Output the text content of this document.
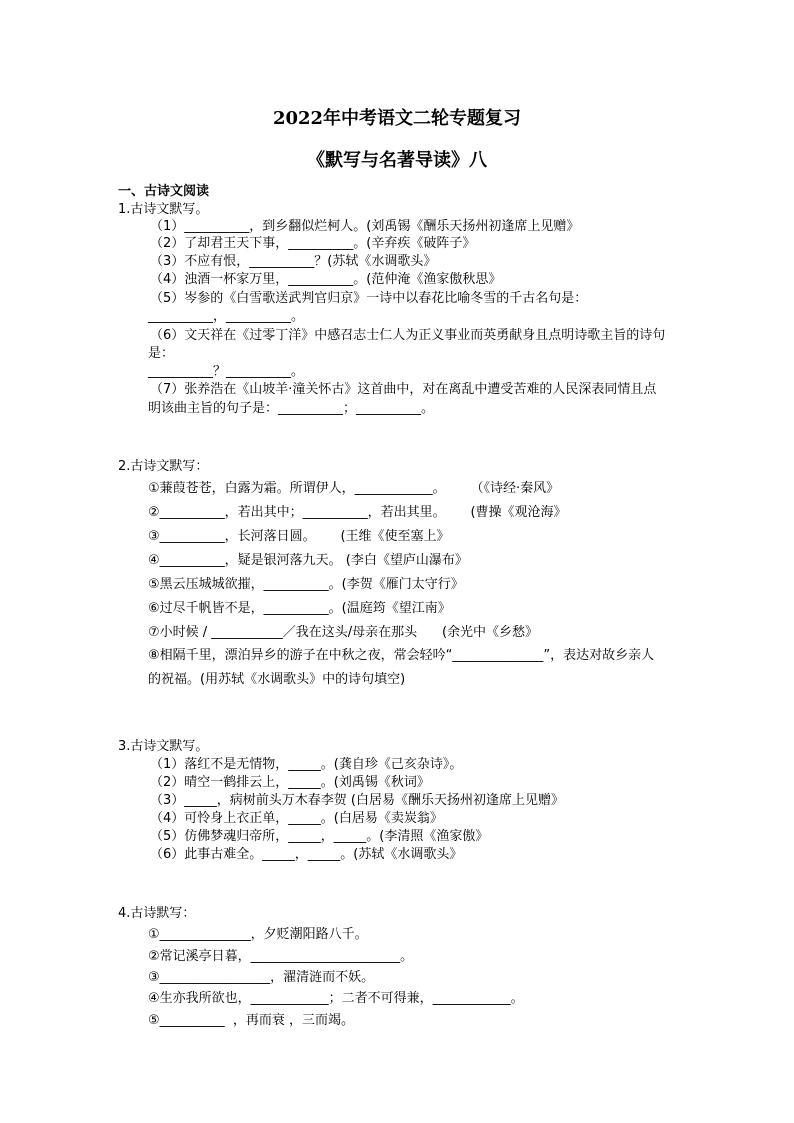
2022年中考语文二轮专题复习
《默写与名著导读》八
一、古诗文阅读
1.古诗文默写。
（1）__________，到乡翻似烂柯人。(刘禹锡《酬乐天扬州初逢席上见赠》
（2）了却君王天下事，__________。(辛弃疾《破阵子》
（3）不应有恨，__________？(苏轼《水调歌头》
（4）浊酒一杯家万里，__________。(范仲淹《渔家傲秋思》
（5）岑参的《白雪歌送武判官归京》一诗中以春花比喻冬雪的千古名句是：
__________，__________。
（6）文天祥在《过零丁洋》中感召志士仁人为正义事业而英勇献身且点明诗歌主旨的诗句
是：
__________？__________。
（7）张养浩在《山坡羊·潼关怀古》这首曲中，对在离乱中遭受苦难的人民深表同情且点
明该曲主旨的句子是：__________；__________。
2.古诗文默写：
①蒹葭苍苍，白露为霜。所谓伊人，____________。      （《诗经·秦风》
②__________，若出其中；__________，若出其里。      (曹操《观沧海》
③__________，长河落日圆。      (王维《使至塞上》
④__________，疑是银河落九天。 (李白《望庐山瀑布》
⑤黑云压城城欲摧，__________。(李贺《雁门太守行》
⑥过尽千帆皆不是，__________。(温庭筠《望江南》
⑦小时候 / ___________／我在这头/母亲在那头      (余光中《乡愁》
⑧相隔千里，漂泊异乡的游子在中秋之夜，常会轻吟“______________”，表达对故乡亲人
的祝福。(用苏轼《水调歌头》中的诗句填空)
3.古诗文默写。
（1）落红不是无情物，_____。(龚自珍《己亥杂诗》。
（2）晴空一鹤排云上，_____。(刘禹锡《秋词》
（3）_____，病树前头万木春李贺 (白居易《酬乐天扬州初逢席上见赠》
（4）可怜身上衣正单，_____。(白居易《卖炭翁》
（5）仿佛梦魂归帝所，_____，_____。(李清照《渔家傲》
（6）此事古难全。_____，_____。(苏轼《水调歌头》
4.古诗默写：
①______________，夕贬潮阳路八千。
②常记溪亭日暮，_______________________。
③_________________，濯清涟而不妖。
④生亦我所欲也，____________；二者不可得兼，____________。
⑤__________  ，再而衰 ，三而竭。
